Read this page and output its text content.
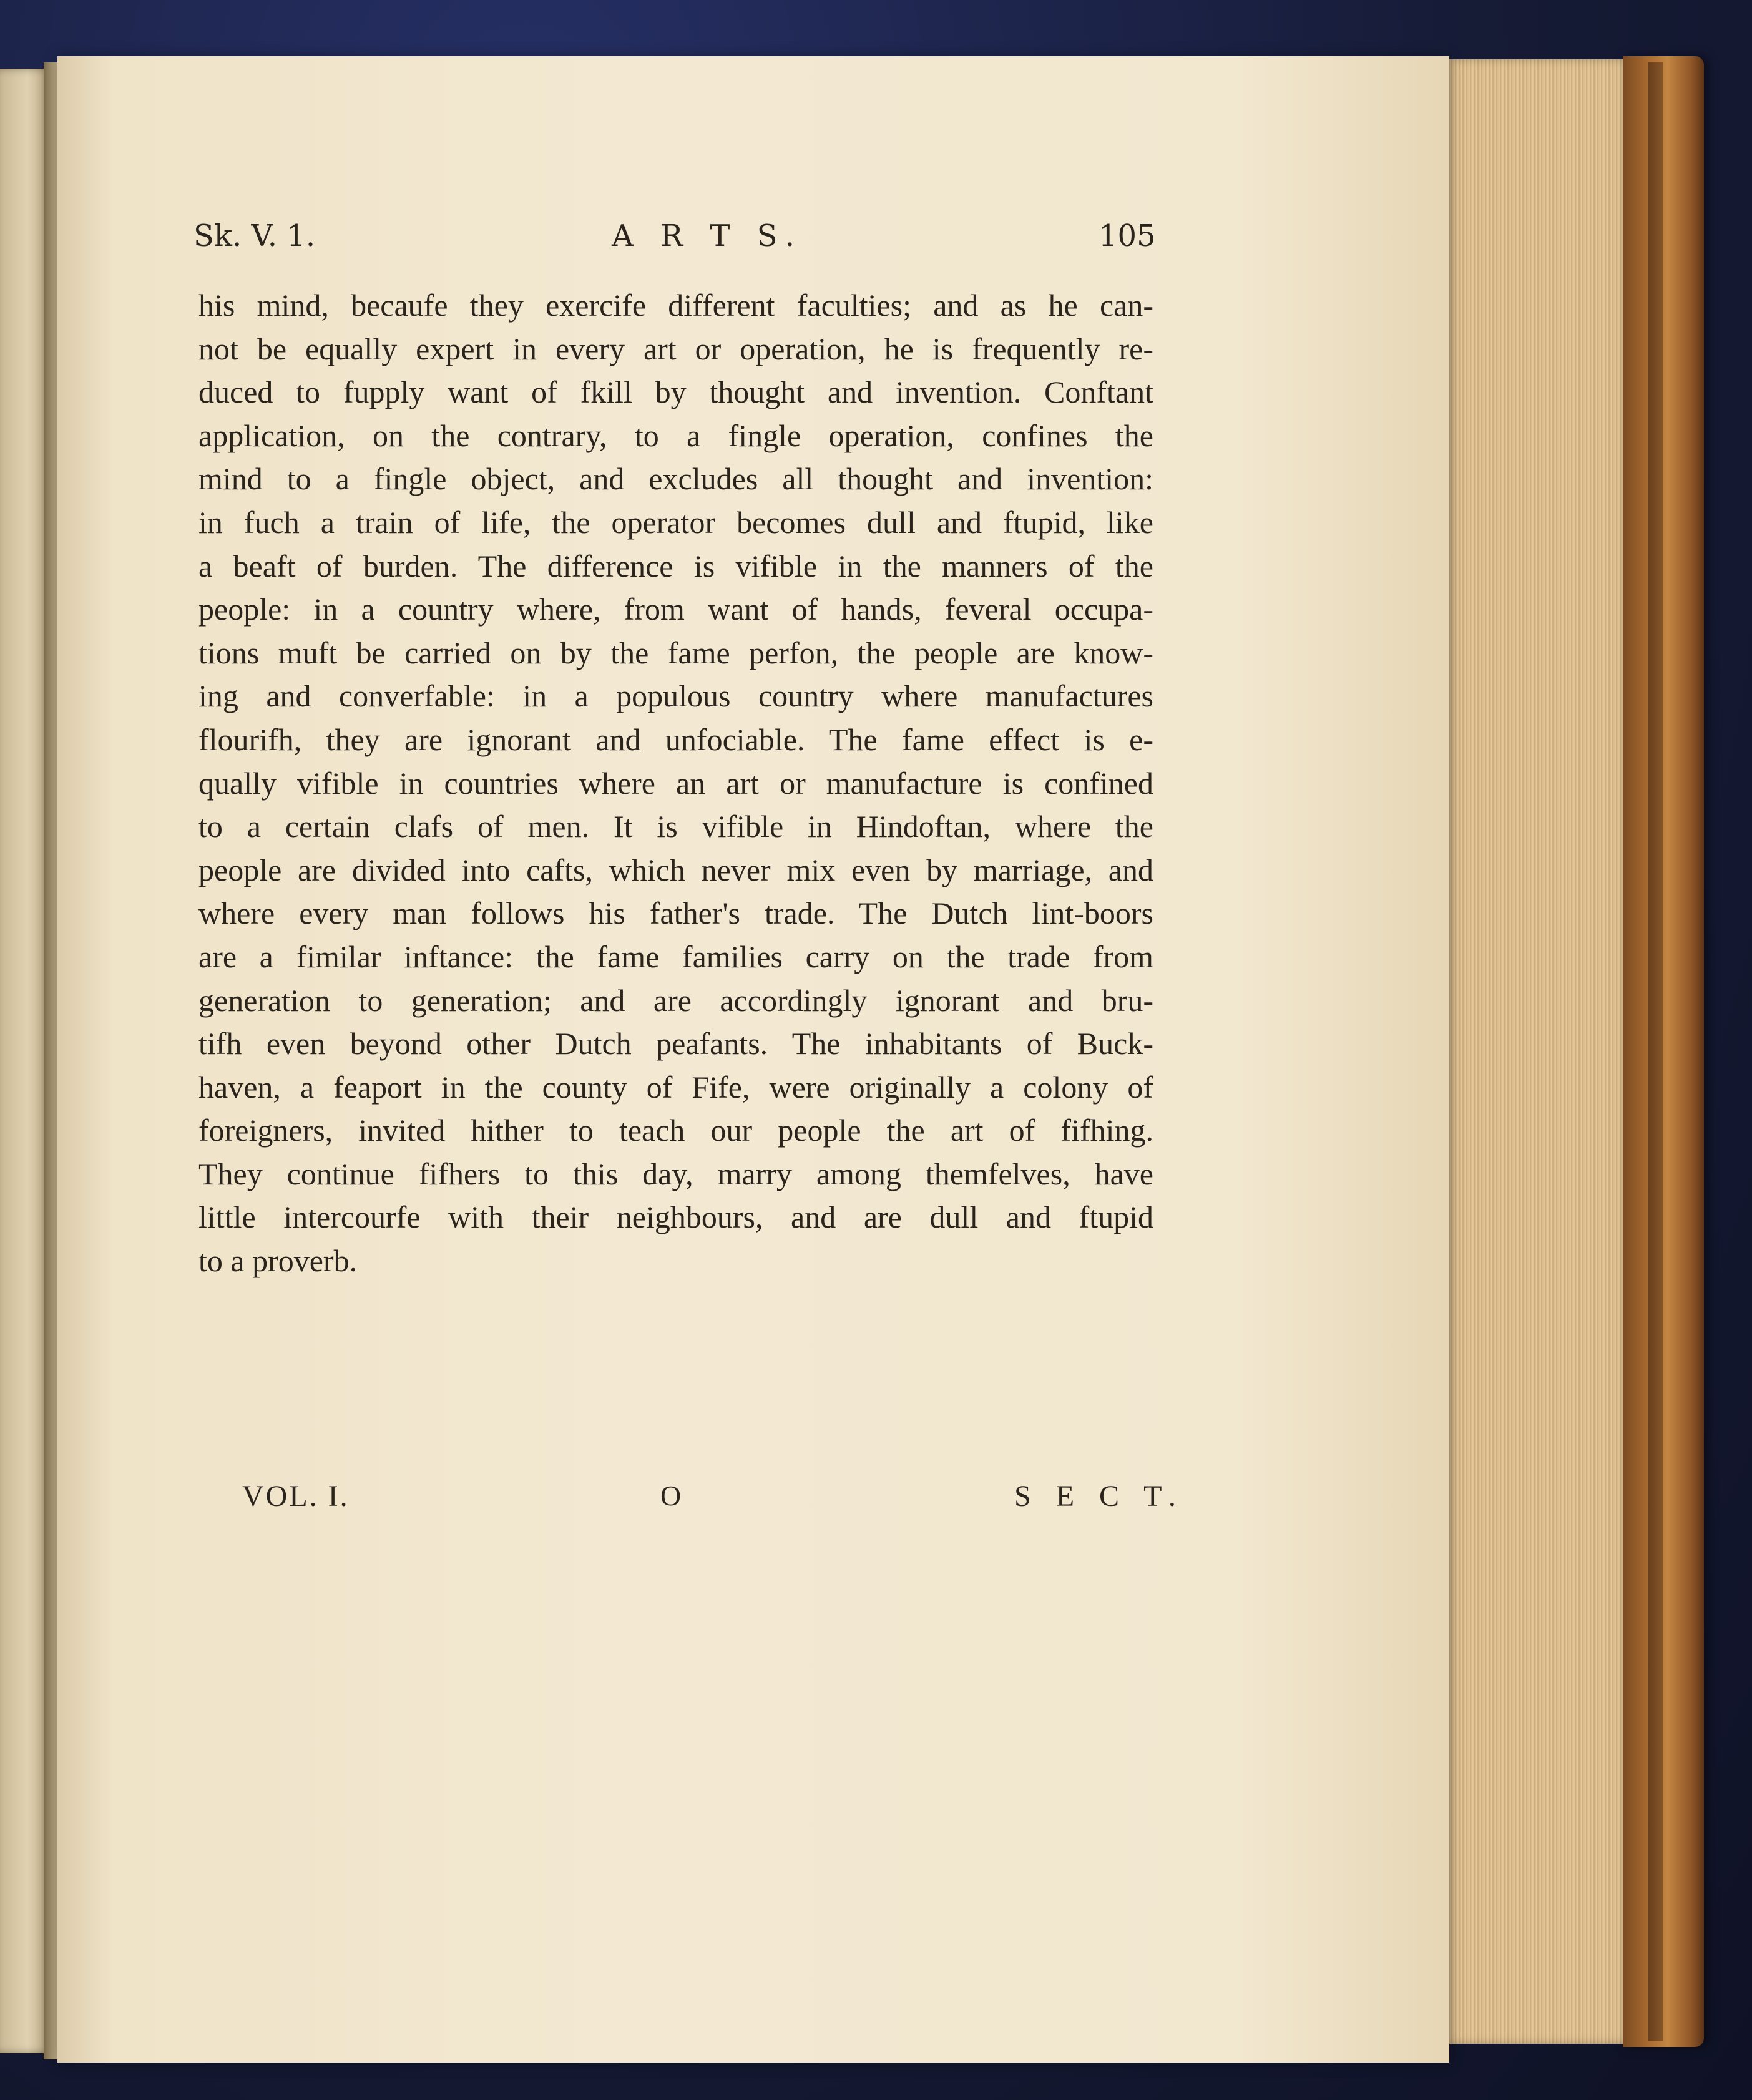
Sk. V. 1.	A R T S.	105
his mind, becaufe they exercife different faculties; and as he can-
not be equally expert in every art or operation, he is frequently re-
duced to fupply want of fkill by thought and invention. Conftant
application, on the contrary, to a fingle operation, confines the
mind to a fingle object, and excludes all thought and invention:
in fuch a train of life, the operator becomes dull and ftupid, like
a beaft of burden. The difference is vifible in the manners of the
people: in a country where, from want of hands, feveral occupa-
tions muft be carried on by the fame perfon, the people are know-
ing and converfable: in a populous country where manufactures
flourifh, they are ignorant and unfociable. The fame effect is e-
qually vifible in countries where an art or manufacture is confined
to a certain clafs of men. It is vifible in Hindoftan, where the
people are divided into cafts, which never mix even by marriage, and
where every man follows his father's trade. The Dutch lint-boors
are a fimilar inftance: the fame families carry on the trade from
generation to generation; and are accordingly ignorant and bru-
tifh even beyond other Dutch peafants. The inhabitants of Buck-
haven, a feaport in the county of Fife, were originally a colony of
foreigners, invited hither to teach our people the art of fifhing.
They continue fifhers to this day, marry among themfelves, have
little intercourfe with their neighbours, and are dull and ftupid
to a proverb.
VOL. I.	O	S E C T.
